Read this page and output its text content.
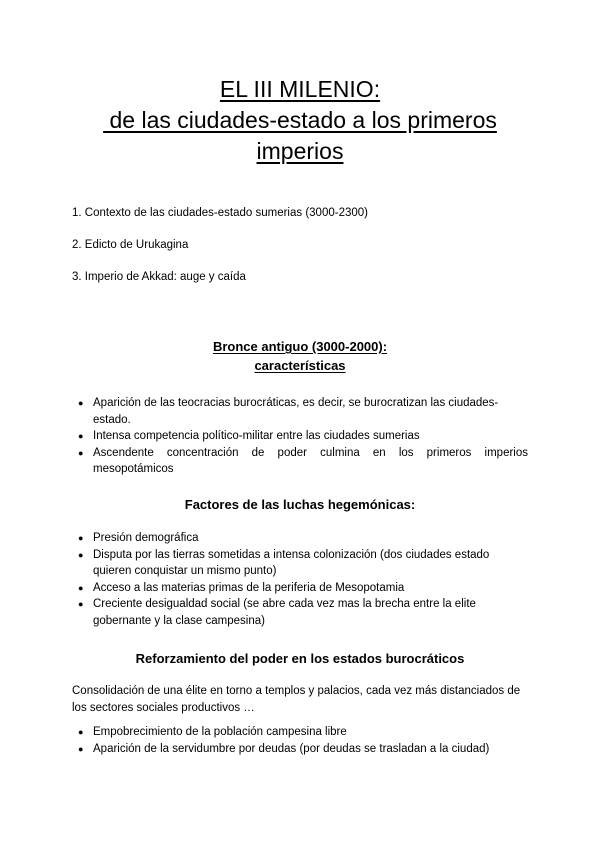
EL III MILENIO:
de las ciudades-estado a los primeros
imperios
1. Contexto de las ciudades-estado sumerias (3000-2300)
2. Edicto de Urukagina
3. Imperio de Akkad: auge y caída
Bronce antiguo (3000-2000):
características
● Aparición de las teocracias burocráticas, es decir, se burocratizan las ciudades-estado.
● Intensa competencia político-militar entre las ciudades sumerias
● Ascendente concentración de poder culmina en los primeros imperios mesopotámicos
Factores de las luchas hegemónicas:
● Presión demográfica
● Disputa por las tierras sometidas a intensa colonización (dos ciudades estado quieren conquistar un mismo punto)
● Acceso a las materias primas de la periferia de Mesopotamia
● Creciente desigualdad social (se abre cada vez mas la brecha entre la elite gobernante y la clase campesina)
Reforzamiento del poder en los estados burocráticos
Consolidación de una élite en torno a templos y palacios, cada vez más distanciados de los sectores sociales productivos …
● Empobrecimiento de la población campesina libre
● Aparición de la servidumbre por deudas (por deudas se trasladan a la ciudad)
